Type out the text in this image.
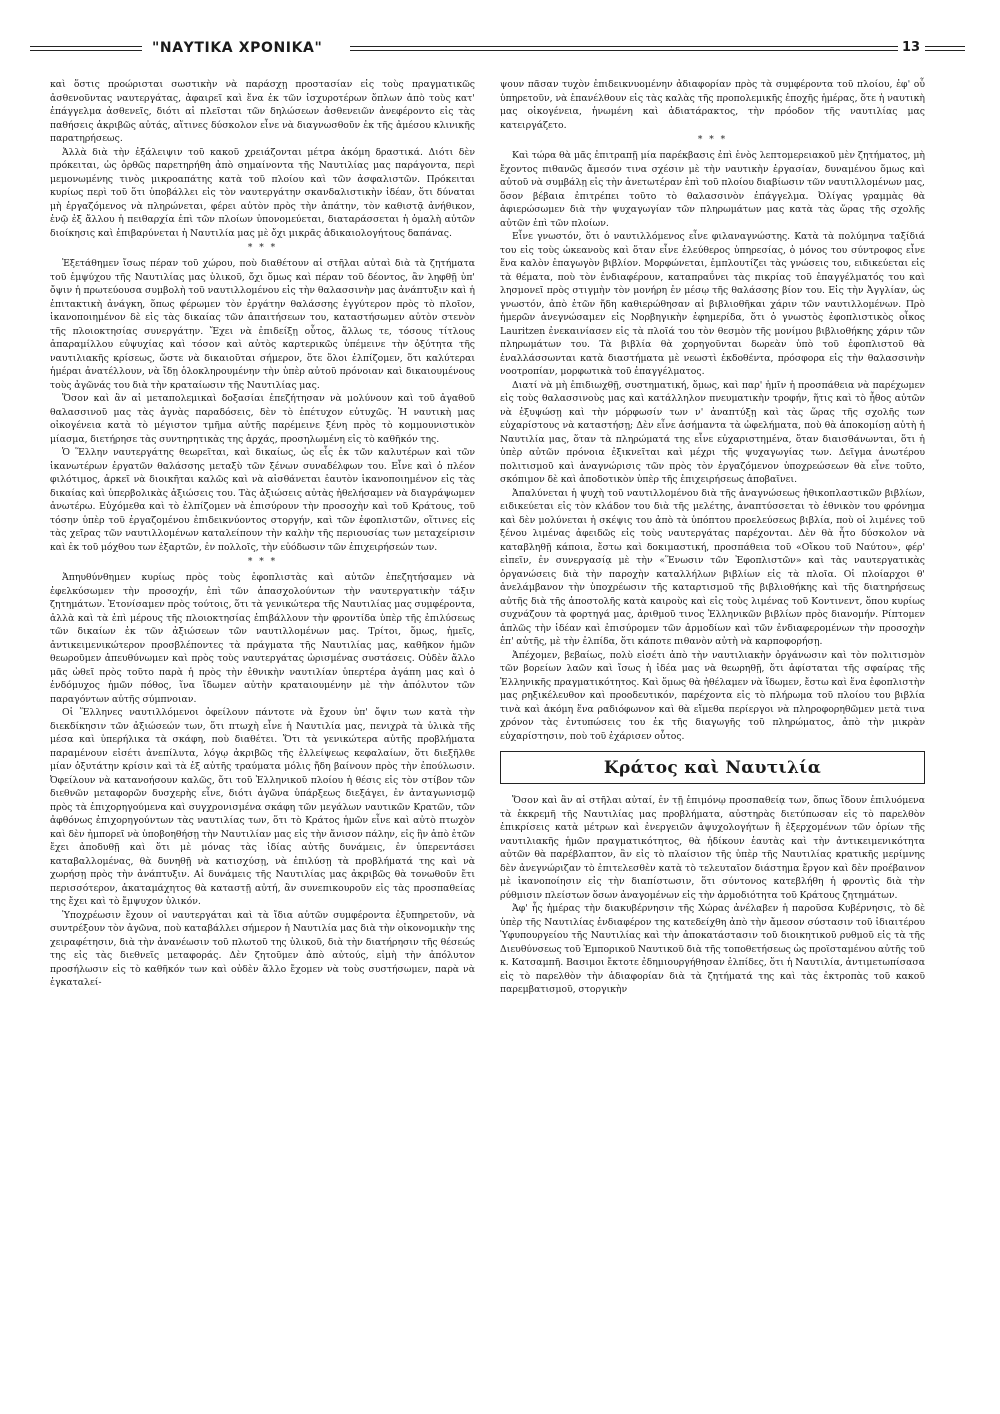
"ΝΑΥΤΙΚΑ ΧΡΟΝΙΚΑ"	13

καὶ ὅστις προώρισται σωστικὴν νὰ παράσχῃ προστασίαν εἰς τοὺς πραγματικῶς ἀσθενοῦντας ναυτεργάτας, ἀφαιρεῖ καὶ ἕνα ἐκ τῶν ἰσχυροτέρων ὅπλων ἀπὸ τοὺς κατ' ἐπάγγελμα ἀσθενεῖς, διότι αἱ πλεῖσται τῶν δηλώσεων ἀσθενειῶν ἀνεφέροντο εἰς τὰς παθήσεις ἀκριβῶς αὐτάς, αἵτινες δύσκολον εἶνε νὰ διαγνωσθοῦν ἐκ τῆς ἀμέσου κλινικῆς παρατηρήσεως.

Ἀλλὰ διὰ τὴν ἐξάλειψιν τοῦ κακοῦ χρειάζονται μέτρα ἀκόμη δραστικά. Διότι δὲν πρόκειται, ὡς ὀρθῶς παρετηρήθη ἀπὸ σημαίνοντα τῆς Ναυτιλίας μας παράγοντα, περὶ μεμονωμένης τινὸς μικροαπάτης κατὰ τοῦ πλοίου καὶ τῶν ἀσφαλιστῶν. Πρόκειται κυρίως περὶ τοῦ ὅτι ὑποβάλλει εἰς τὸν ναυτεργάτην σκανδαλιστικὴν ἰδέαν, ὅτι δύναται μὴ ἐργαζόμενος νὰ πληρώνεται, φέρει αὐτὸν πρὸς τὴν ἀπάτην, τὸν καθιστᾷ ἀνήθικον, ἐνῷ ἐξ ἄλλου ἡ πειθαρχία ἐπὶ τῶν πλοίων ὑπονομεύεται, διαταράσσεται ἡ ὁμαλὴ αὐτῶν διοίκησις καὶ ἐπιβαρύνεται ἡ Ναυτιλία μας μὲ ὄχι μικρᾶς ἀδικαιολογήτους δαπάνας.

* * *

Ἐξετάθημεν ἴσως πέραν τοῦ χώρου, ποὺ διαθέτουν αἱ στῆλαι αὐταὶ διὰ τὰ ζητήματα τοῦ ἐμψύχου τῆς Ναυτιλίας μας ὑλικοῦ, ὄχι ὅμως καὶ πέραν τοῦ δέοντος, ἂν ληφθῇ ὑπ' ὄψιν ἡ πρωτεύουσα συμβολὴ τοῦ ναυτιλλομένου εἰς τὴν θαλασσινὴν μας ἀνάπτυξιν καὶ ἡ ἐπιτακτικὴ ἀνάγκη, ὅπως φέρωμεν τὸν ἐργάτην θαλάσσης ἐγγύτερον πρὸς τὸ πλοῖον, ἱκανοποιημένον δὲ εἰς τὰς δικαίας τῶν ἀπαιτήσεων του, καταστήσωμεν αὐτὸν στενὸν τῆς πλοιοκτησίας συνεργάτην. Ἔχει νὰ ἐπιδείξῃ οὗτος, ἄλλως τε, τόσους τίτλους ἀπαραμίλλου εὐψυχίας καὶ τόσον καὶ αὐτὸς καρτερικῶς ὑπέμεινε τὴν ὀξύτητα τῆς ναυτιλιακῆς κρίσεως, ὥστε νὰ δικαιοῦται σήμερον, ὅτε ὅλοι ἐλπίζομεν, ὅτι καλύτεραι ἡμέραι ἀνατέλλουν, νὰ ἴδῃ ὁλοκληρουμένην τὴν ὑπὲρ αὐτοῦ πρόνοιαν καὶ δικαιουμένους τοὺς ἀγῶνάς του διὰ τὴν κραταίωσιν τῆς Ναυτιλίας μας.

Ὅσον καὶ ἂν αἱ μεταπολεμικαὶ δοξασίαι ἐπεζήτησαν νὰ μολύνουν καὶ τοῦ ἀγαθοῦ θαλασσινοῦ μας τὰς ἁγνὰς παραδόσεις, δὲν τὸ ἐπέτυχον εὐτυχῶς. Ἡ ναυτικὴ μας οἰκογένεια κατὰ τὸ μέγιστον τμῆμα αὐτῆς παρέμεινε ξένη πρὸς τὸ κομμουνιστικὸν μίασμα, διετήρησε τὰς συντηρητικὰς της ἀρχάς, προσηλωμένη εἰς τὸ καθῆκόν της.

Ὁ Ἕλλην ναυτεργάτης θεωρεῖται, καὶ δικαίως, ὡς εἷς ἐκ τῶν καλυτέρων καὶ τῶν ἱκανωτέρων ἐργατῶν θαλάσσης μεταξὺ τῶν ξένων συναδέλφων του. Εἶνε καὶ ὁ πλέον φιλότιμος, ἀρκεῖ νὰ διοικῆται καλῶς καὶ νὰ αἰσθάνεται ἑαυτὸν ἱκανοποιημένον εἰς τὰς δικαίας καὶ ὑπερβολικὰς ἀξιώσεις του. Τὰς ἀξιώσεις αὐτὰς ἠθελήσαμεν νὰ διαγράψωμεν ἀνωτέρω. Εὐχόμεθα καὶ τὸ ἐλπίζομεν νὰ ἐπισύρουν τὴν προσοχὴν καὶ τοῦ Κράτους, τοῦ τόσην ὑπὲρ τοῦ ἐργαζομένου ἐπιδεικνύοντος στοργήν, καὶ τῶν ἐφοπλιστῶν, οἵτινες εἰς τὰς χεῖρας τῶν ναυτιλλομένων καταλείπουν τὴν καλὴν τῆς περιουσίας των μεταχείρισιν καὶ ἐκ τοῦ μόχθου των ἐξαρτῶν, ἐν πολλοῖς, τὴν εὐόδωσιν τῶν ἐπιχειρήσεών των.

* * *

Ἀπηυθύνθημεν κυρίως πρὸς τοὺς ἐφοπλιστὰς καὶ αὐτῶν ἐπεζητήσαμεν νὰ ἐφελκύσωμεν τὴν προσοχήν, ἐπὶ τῶν ἀπασχολούντων τὴν ναυτεργατικὴν τάξιν ζητημάτων. Ἐτονίσαμεν πρὸς τούτοις, ὅτι τὰ γενικώτερα τῆς Ναυτιλίας μας συμφέροντα, ἀλλὰ καὶ τὰ ἐπὶ μέρους τῆς πλοιοκτησίας ἐπιβάλλουν τὴν φροντίδα ὑπὲρ τῆς ἐπιλύσεως τῶν δικαίων ἐκ τῶν ἀξιώσεων τῶν ναυτιλλομένων μας. Τρίτοι, ὅμως, ἡμεῖς, ἀντικειμενικώτερον προσβλέποντες τὰ πράγματα τῆς Ναυτιλίας μας, καθῆκον ἡμῶν θεωροῦμεν ἀπευθύνωμεν καὶ πρὸς τοὺς ναυτεργάτας ὡρισμένας συστάσεις. Οὐδὲν ἄλλο μᾶς ὠθεῖ πρὸς τοῦτο παρὰ ἡ πρὸς τὴν ἐθνικὴν ναυτιλίαν ὑπερτέρα ἀγάπη μας καὶ ὁ ἐνδόμυχος ἡμῶν πόθος, ἵνα ἴδωμεν αὐτὴν κραταιουμένην μὲ τὴν ἀπόλυτον τῶν παραγόντων αὐτῆς σύμπνοιαν.

Οἱ Ἕλληνες ναυτιλλόμενοι ὀφείλουν πάντοτε νὰ ἔχουν ὑπ' ὄψιν των κατὰ τὴν διεκδίκησιν τῶν ἀξιώσεών των, ὅτι πτωχὴ εἶνε ἡ Ναυτιλία μας, πενιχρὰ τὰ ὑλικὰ τῆς μέσα καὶ ὑπερήλικα τὰ σκάφη, ποὺ διαθέτει. Ὅτι τὰ γενικώτερα αὐτῆς προβλήματα παραμένουν εἰσέτι ἀνεπίλυτα, λόγῳ ἀκριβῶς τῆς ἐλλείψεως κεφαλαίων, ὅτι διεξῆλθε μίαν ὀξυτάτην κρίσιν καὶ τὰ ἐξ αὐτῆς τραύματα μόλις ἤδη βαίνουν πρὸς τὴν ἐπούλωσιν. Ὀφείλουν νὰ κατανοήσουν καλῶς, ὅτι τοῦ Ἑλληνικοῦ πλοίου ἡ θέσις εἰς τὸν στίβον τῶν διεθνῶν μεταφορῶν δυσχερὴς εἶνε, διότι ἀγῶνα ὑπάρξεως διεξάγει, ἐν ἀνταγωνισμῷ πρὸς τὰ ἐπιχορηγούμενα καὶ συγχρονισμένα σκάφη τῶν μεγάλων ναυτικῶν Κρατῶν, τῶν ἀφθόνως ἐπιχορηγούντων τὰς ναυτιλίας των, ὅτι τὸ Κράτος ἡμῶν εἶνε καὶ αὐτὸ πτωχὸν καὶ δὲν ἠμπορεῖ νὰ ὑποβοηθήσῃ τὴν Ναυτιλίαν μας εἰς τὴν ἄνισον πάλην, εἰς ἣν ἀπὸ ἐτῶν ἔχει ἀποδυθῇ καὶ ὅτι μὲ μόνας τὰς ἰδίας αὐτῆς δυνάμεις, ἐν ὑπερεντάσει καταβαλλομένας, θὰ δυνηθῇ νὰ κατισχύσῃ, νὰ ἐπιλύσῃ τὰ προβλήματά της καὶ νὰ χωρήσῃ πρὸς τὴν ἀνάπτυξιν. Αἱ δυνάμεις τῆς Ναυτιλίας μας ἀκριβῶς θὰ τονωθοῦν ἔτι περισσότερον, ἀκαταμάχητος θὰ καταστῇ αὐτή, ἂν συνεπικουροῦν εἰς τὰς προσπαθείας της ἔχει καὶ τὸ ἔμψυχον ὑλικόν.

Ὑποχρέωσιν ἔχουν οἱ ναυτεργάται καὶ τὰ ἴδια αὐτῶν συμφέροντα ἐξυπηρετοῦν, νὰ συντρέξουν τὸν ἀγῶνα, ποὺ καταβάλλει σήμερον ἡ Ναυτιλία μας διὰ τὴν οἰκονομικὴν της χειραφέτησιν, διὰ τὴν ἀνανέωσιν τοῦ πλωτοῦ της ὑλικοῦ, διὰ τὴν διατήρησιν τῆς θέσεώς της εἰς τὰς διεθνεῖς μεταφοράς. Δὲν ζητοῦμεν ἀπὸ αὐτούς, εἰμὴ τὴν ἀπόλυτον προσήλωσιν εἰς τὸ καθῆκόν των καὶ οὐδὲν ἄλλο ἔχομεν νὰ τοὺς συστήσωμεν, παρὰ νὰ ἐγκαταλεί-

ψουν πᾶσαν τυχὸν ἐπιδεικνυομένην ἀδιαφορίαν πρὸς τὰ συμφέροντα τοῦ πλοίου, ἐφ' οὗ ὑπηρετοῦν, νὰ ἐπανέλθουν εἰς τὰς καλὰς τῆς προπολεμικῆς ἐποχῆς ἡμέρας, ὅτε ἡ ναυτικὴ μας οἰκογένεια, ἡνωμένη καὶ ἀδιατάρακτος, τὴν πρόοδον τῆς ναυτιλίας μας κατειργάζετο.

* * *

Καὶ τώρα θὰ μᾶς ἐπιτραπῇ μία παρέκβασις ἐπὶ ἑνὸς λεπτομερειακοῦ μὲν ζητήματος, μὴ ἔχοντος πιθανῶς ἄμεσόν τινα σχέσιν μὲ τὴν ναυτικὴν ἐργασίαν, δυναμένου ὅμως καὶ αὐτοῦ νὰ συμβάλῃ εἰς τὴν ἀνετωτέραν ἐπὶ τοῦ πλοίου διαβίωσιν τῶν ναυτιλλομένων μας, ὅσον βέβαια ἐπιτρέπει τοῦτο τὸ θαλασσινὸν ἐπάγγελμα. Ὀλίγας γραμμὰς θὰ ἀφιερώσωμεν διὰ τὴν ψυχαγωγίαν τῶν πληρωμάτων μας κατὰ τὰς ὥρας τῆς σχολῆς αὐτῶν ἐπὶ τῶν πλοίων.

Εἶνε γνωστόν, ὅτι ὁ ναυτιλλόμενος εἶνε φιλαναγνώστης. Κατὰ τὰ πολύμηνα ταξίδιά του εἰς τοὺς ὠκεανοὺς καὶ ὅταν εἶνε ἐλεύθερος ὑπηρεσίας, ὁ μόνος του σύντροφος εἶνε ἕνα καλὸν ἐπαγωγὸν βιβλίον. Μορφώνεται, ἐμπλουτίζει τὰς γνώσεις του, ειδικεύεται εἰς τὰ θέματα, ποὺ τὸν ἐνδιαφέρουν, καταπραΰνει τὰς πικρίας τοῦ ἐπαγγέλματός του καὶ λησμονεῖ πρὸς στιγμὴν τὸν μονήρη ἐν μέσῳ τῆς θαλάσσης βίον του. Εἰς τὴν Ἀγγλίαν, ὡς γνωστόν, ἀπὸ ἐτῶν ἤδη καθιερώθησαν αἱ βιβλιοθῆκαι χάριν τῶν ναυτιλλομένων. Πρὸ ἡμερῶν ἀνεγνώσαμεν εἰς Νορβηγικὴν ἐφημερίδα, ὅτι ὁ γνωστὸς ἐφοπλιστικὸς οἶκος Lauritzen ἐνεκαινίασεν εἰς τὰ πλοῖά του τὸν θεσμὸν τῆς μονίμου βιβλιοθήκης χάριν τῶν πληρωμάτων του. Τὰ βιβλία θὰ χορηγοῦνται δωρεὰν ὑπὸ τοῦ ἐφοπλιστοῦ θὰ ἐναλλάσσωνται κατὰ διαστήματα μὲ νεωστὶ ἐκδοθέντα, πρόσφορα εἰς τὴν θαλασσινὴν νοοτροπίαν, μορφωτικὰ τοῦ ἐπαγγέλματος.

Διατί νὰ μὴ ἐπιδιωχθῇ, συστηματική, ὅμως, καὶ παρ' ἡμῖν ἡ προσπάθεια νὰ παρέχωμεν εἰς τοὺς θαλασσινοὺς μας καὶ κατάλληλον πνευματικὴν τροφήν, ἥτις καὶ τὸ ἦθος αὐτῶν νὰ ἐξυψώσῃ καὶ τὴν μόρφωσίν των ν' ἀναπτύξῃ καὶ τὰς ὥρας τῆς σχολῆς των εὐχαρίστους νὰ καταστήσῃ; Δὲν εἶνε ἀσήμαντα τὰ ὠφελήματα, ποὺ θὰ ἀποκομίσῃ αὐτὴ ἡ Ναυτιλία μας, ὅταν τὰ πληρώματά της εἶνε εὐχαριστημένα, ὅταν διαισθάνωνται, ὅτι ἡ ὑπὲρ αὐτῶν πρόνοια ἐξικνεῖται καὶ μέχρι τῆς ψυχαγωγίας των. Δεῖγμα ἀνωτέρου πολιτισμοῦ καὶ ἀναγνώρισις τῶν πρὸς τὸν ἐργαζόμενον ὑποχρεώσεων θὰ εἶνε τοῦτο, σκόπιμον δὲ καὶ ἀποδοτικὸν ὑπὲρ τῆς ἐπιχειρήσεως ἀποβαῖνει.

Ἀπαλύνεται ἡ ψυχὴ τοῦ ναυτιλλομένου διὰ τῆς ἀναγνώσεως ἠθικοπλαστικῶν βιβλίων, ειδικεύεται εἰς τὸν κλάδον του διὰ τῆς μελέτης, ἀναπτύσσεται τὸ ἐθνικὸν του φρόνημα καὶ δὲν μολύνεται ἡ σκέψις του ἀπὸ τὰ ὑπόπτου προελεύσεως βιβλία, ποὺ οἱ λιμένες τοῦ ξένου λιμένας ἀφειδῶς εἰς τοὺς ναυτεργάτας παρέχονται. Δὲν θὰ ἦτο δύσκολον νὰ καταβληθῇ κάποια, ἔστω καὶ δοκιμαστική, προσπάθεια τοῦ «Οἴκου τοῦ Ναύτου», φέρ' εἰπεῖν, ἐν συνεργασίᾳ μὲ τὴν «Ἕνωσιν τῶν Ἐφοπλιστῶν» καὶ τὰς ναυτεργατικὰς ὀργανώσεις διὰ τὴν παροχὴν καταλλήλων βιβλίων εἰς τὰ πλοῖα. Οἱ πλοίαρχοι θ' ἀνελάμβανον τὴν ὑποχρέωσιν τῆς καταρτισμοῦ τῆς βιβλιοθήκης καὶ τῆς διατηρήσεως αὐτῆς διὰ τῆς ἀποστολῆς κατὰ καιροὺς καὶ εἰς τοὺς λιμένας τοῦ Κοντινεντ, ὅπου κυρίως συχνάζουν τὰ φορτηγά μας, ἀριθμοῦ τινος Ἑλληνικῶν βιβλίων πρὸς διανομήν. Ρίπτομεν ἁπλῶς τὴν ἰδέαν καὶ ἐπισύρομεν τῶν ἁρμοδίων καὶ τῶν ἐνδιαφερομένων τὴν προσοχὴν ἐπ' αὐτῆς, μὲ τὴν ἐλπίδα, ὅτι κάποτε πιθανὸν αὐτὴ νὰ καρποφορήσῃ.

Ἀπέχομεν, βεβαίως, πολὺ εἰσέτι ἀπὸ τὴν ναυτιλιακὴν ὀργάνωσιν καὶ τὸν πολιτισμὸν τῶν βορείων λαῶν καὶ ἴσως ἡ ἰδέα μας νὰ θεωρηθῇ, ὅτι ἀφίσταται τῆς σφαίρας τῆς Ἑλληνικῆς πραγματικότητος. Καὶ ὅμως θὰ ἠθέλαμεν νὰ ἴδωμεν, ἔστω καὶ ἕνα ἐφοπλιστὴν μας ρηξικέλευθον καὶ προοδευτικόν, παρέχοντα εἰς τὸ πλήρωμα τοῦ πλοίου του βιβλία τινὰ καὶ ἀκόμη ἕνα ραδιόφωνον καὶ θὰ εἴμεθα περίεργοι νὰ πληροφορηθῶμεν μετὰ τινα χρόνον τὰς ἐντυπώσεις του ἐκ τῆς διαγωγῆς τοῦ πληρώματος, ἀπὸ τὴν μικρὰν εὐχαρίστησιν, ποὺ τοῦ ἐχάρισεν οὗτος.

Κράτος καὶ Ναυτιλία

Ὅσον καὶ ἂν αἱ στῆλαι αὐταί, ἐν τῇ ἐπιμόνῳ προσπαθείᾳ των, ὅπως ἴδουν ἐπιλυόμενα τὰ ἐκκρεμῆ τῆς Ναυτιλίας μας προβλήματα, αὐστηρὰς διετύπωσαν εἰς τὸ παρελθὸν ἐπικρίσεις κατὰ μέτρων καὶ ἐνεργειῶν ἀψυχολογήτων ἢ ἐξερχομένων τῶν ὁρίων τῆς ναυτιλιακῆς ἡμῶν πραγματικότητος, θὰ ἠδίκουν ἑαυτὰς καὶ τὴν ἀντικειμενικότητα αὐτῶν θὰ παρέβλαπτον, ἂν εἰς τὸ πλαίσιον τῆς ὑπὲρ τῆς Ναυτιλίας κρατικῆς μερίμνης δὲν ἀνεγνώριζαν τὸ ἐπιτελεσθὲν κατὰ τὸ τελευταῖον διάστημα ἔργον καὶ δὲν προέβαινον μὲ ἱκανοποίησιν εἰς τὴν διαπίστωσιν, ὅτι σύντονος κατεβλήθη ἡ φροντὶς διὰ τὴν ρύθμισιν πλείστων ὅσων ἀναγομένων εἰς τὴν ἁρμοδιότητα τοῦ Κράτους ζητημάτων.

Ἀφ' ἧς ἡμέρας τὴν διακυβέρνησιν τῆς Χώρας ἀνέλαβεν ἡ παροῦσα Κυβέρνησις, τὸ δὲ ὑπὲρ τῆς Ναυτιλίας ἐνδιαφέρον της κατεδείχθη ἀπὸ τὴν ἄμεσον σύστασιν τοῦ ἰδιαιτέρου Ὑφυπουργείου τῆς Ναυτιλίας καὶ τὴν ἀποκατάστασιν τοῦ διοικητικοῦ ρυθμοῦ εἰς τὰ τῆς Διευθύνσεως τοῦ Ἐμπορικοῦ Ναυτικοῦ διὰ τῆς τοποθετήσεως ὡς προϊσταμένου αὐτῆς τοῦ κ. Κατσαμπῆ. Βασιμοι ἔκτοτε ἐδημιουργήθησαν ἐλπίδες, ὅτι ἡ Ναυτιλία, ἀντιμετωπίσασα εἰς τὸ παρελθὸν τὴν ἀδιαφορίαν διὰ τὰ ζητήματά της καὶ τὰς ἐκτροπὰς τοῦ κακοῦ παρεμβατισμοῦ, στοργικὴν
